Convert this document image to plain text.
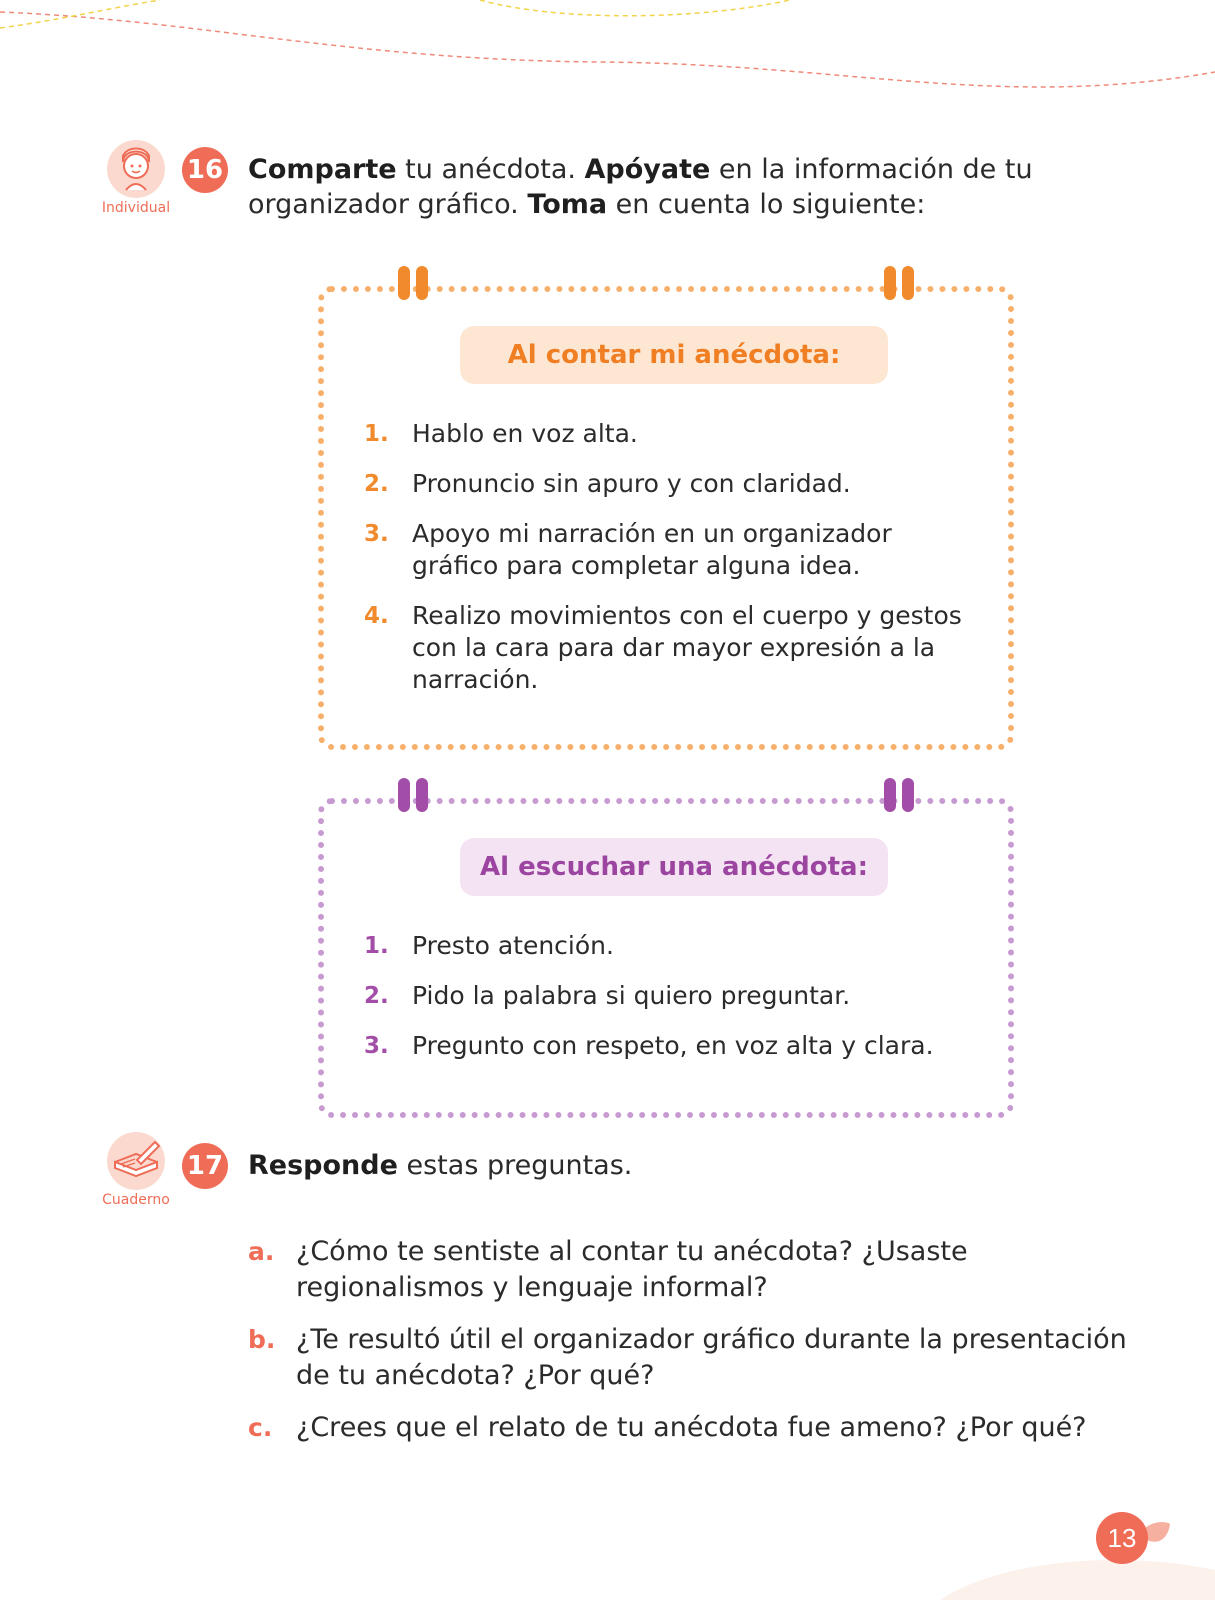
Individual
16 Comparte tu anécdota. Apóyate en la información de tu organizador gráfico. Toma en cuenta lo siguiente:
Al contar mi anécdota:
1. Hablo en voz alta.
2. Pronuncio sin apuro y con claridad.
3. Apoyo mi narración en un organizador gráfico para completar alguna idea.
4. Realizo movimientos con el cuerpo y gestos con la cara para dar mayor expresión a la narración.
Al escuchar una anécdota:
1. Presto atención.
2. Pido la palabra si quiero preguntar.
3. Pregunto con respeto, en voz alta y clara.
Cuaderno
17 Responde estas preguntas.
a. ¿Cómo te sentiste al contar tu anécdota? ¿Usaste regionalismos y lenguaje informal?
b. ¿Te resultó útil el organizador gráfico durante la presentación de tu anécdota? ¿Por qué?
c. ¿Crees que el relato de tu anécdota fue ameno? ¿Por qué?
13
